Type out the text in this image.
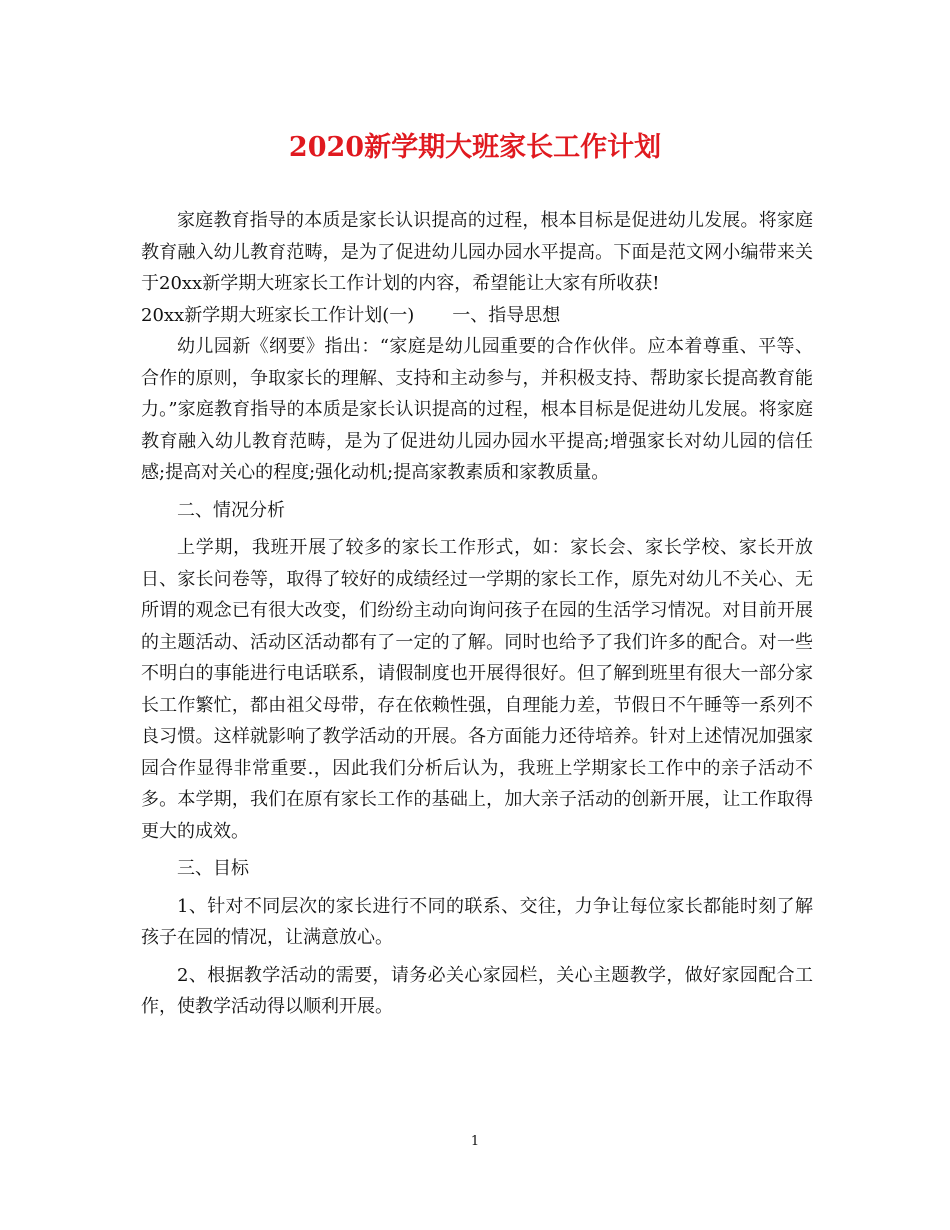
2020新学期大班家长工作计划

家庭教育指导的本质是家长认识提高的过程，根本目标是促进幼儿发展。将家庭教育融入幼儿教育范畴，是为了促进幼儿园办园水平提高。下面是范文网小编带来关于20xx新学期大班家长工作计划的内容，希望能让大家有所收获!

20xx新学期大班家长工作计划(一) 一、指导思想

幼儿园新《纲要》指出：“家庭是幼儿园重要的合作伙伴。应本着尊重、平等、合作的原则，争取家长的理解、支持和主动参与，并积极支持、帮助家长提高教育能力。”家庭教育指导的本质是家长认识提高的过程，根本目标是促进幼儿发展。将家庭教育融入幼儿教育范畴，是为了促进幼儿园办园水平提高;增强家长对幼儿园的信任感;提高对关心的程度;强化动机;提高家教素质和家教质量。

二、情况分析

上学期，我班开展了较多的家长工作形式，如：家长会、家长学校、家长开放日、家长问卷等，取得了较好的成绩经过一学期的家长工作，原先对幼儿不关心、无所谓的观念已有很大改变，们纷纷主动向询问孩子在园的生活学习情况。对目前开展的主题活动、活动区活动都有了一定的了解。同时也给予了我们许多的配合。对一些不明白的事能进行电话联系，请假制度也开展得很好。但了解到班里有很大一部分家长工作繁忙，都由祖父母带，存在依赖性强，自理能力差，节假日不午睡等一系列不良习惯。这样就影响了教学活动的开展。各方面能力还待培养。针对上述情况加强家园合作显得非常重要.，因此我们分析后认为，我班上学期家长工作中的亲子活动不多。本学期，我们在原有家长工作的基础上，加大亲子活动的创新开展，让工作取得更大的成效。

三、目标

1、针对不同层次的家长进行不同的联系、交往，力争让每位家长都能时刻了解孩子在园的情况，让满意放心。

2、根据教学活动的需要，请务必关心家园栏，关心主题教学，做好家园配合工作，使教学活动得以顺利开展。

1
